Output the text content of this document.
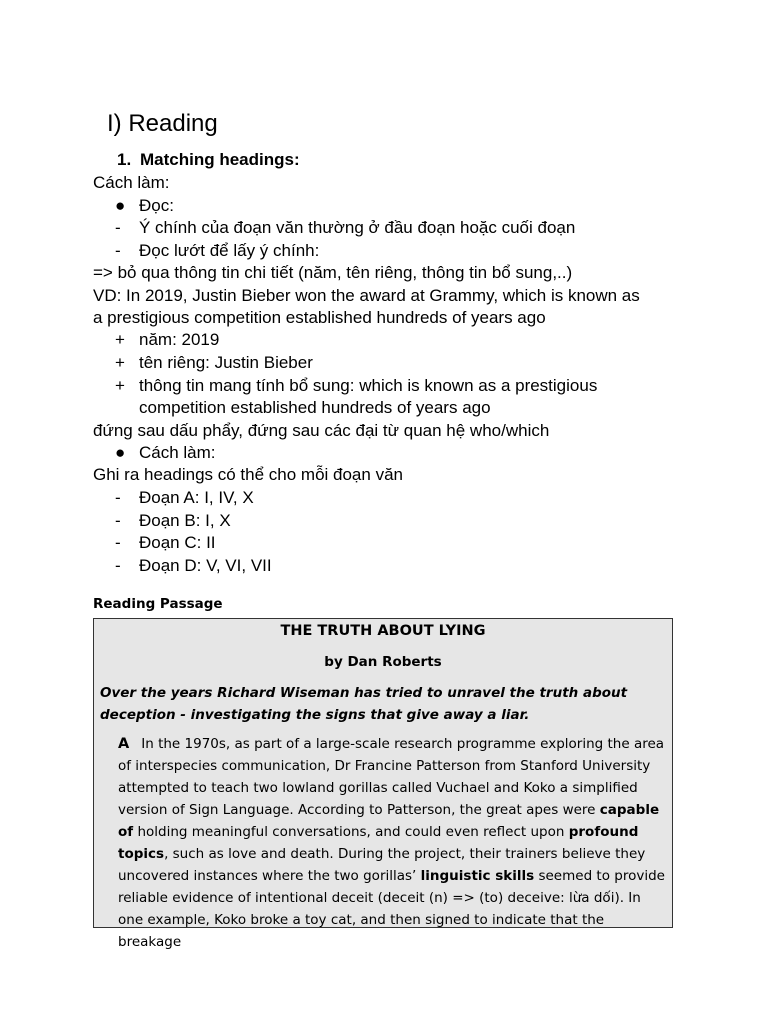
I) Reading
1. Matching headings:
Cách làm:
● Đọc:
- Ý chính của đoạn văn thường ở đầu đoạn hoặc cuối đoạn
- Đọc lướt để lấy ý chính:
=> bỏ qua thông tin chi tiết (năm, tên riêng, thông tin bổ sung,..)
VD: In 2019, Justin Bieber won the award at Grammy, which is known as
a prestigious competition established hundreds of years ago
+ năm: 2019
+ tên riêng: Justin Bieber
+ thông tin mang tính bổ sung: which is known as a prestigious
competition established hundreds of years ago
đứng sau dấu phẩy, đứng sau các đại từ quan hệ who/which
● Cách làm:
Ghi ra headings có thể cho mỗi đoạn văn
- Đoạn A: I, IV, X
- Đoạn B: I, X
- Đoạn C: II
- Đoạn D: V, VI, VII
Reading Passage
THE TRUTH ABOUT LYING
by Dan Roberts
Over the years Richard Wiseman has tried to unravel the truth about deception - investigating the signs that give away a liar.
A In the 1970s, as part of a large-scale research programme exploring the area of interspecies communication, Dr Francine Patterson from Stanford University attempted to teach two lowland gorillas called Vuchael and Koko a simplified version of Sign Language. According to Patterson, the great apes were capable of holding meaningful conversations, and could even reflect upon profound topics, such as love and death. During the project, their trainers believe they uncovered instances where the two gorillas’ linguistic skills seemed to provide reliable evidence of intentional deceit (deceit (n) => (to) deceive: lừa dối). In one example, Koko broke a toy cat, and then signed to indicate that the breakage
